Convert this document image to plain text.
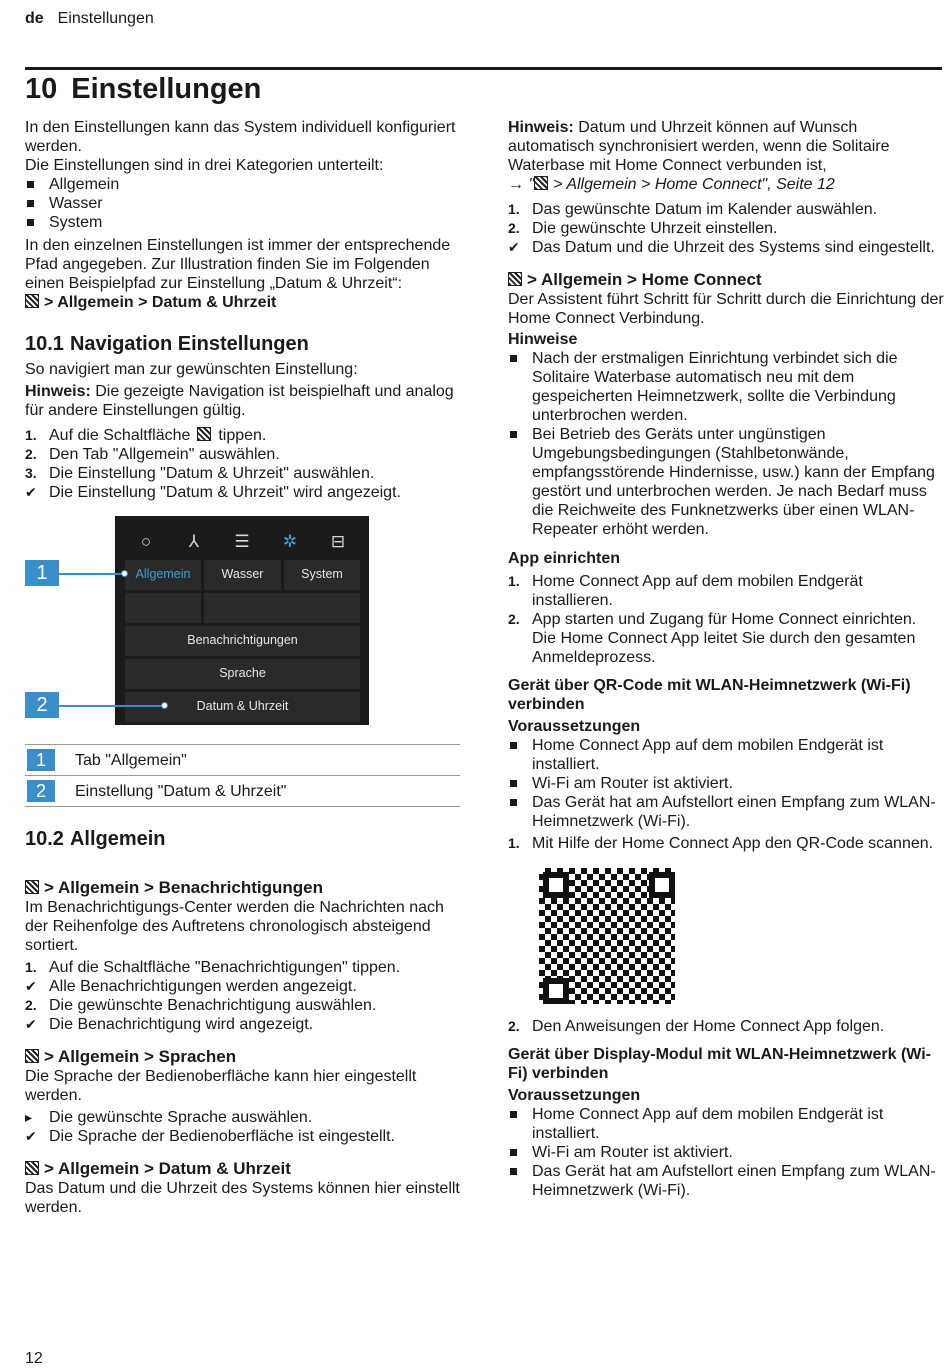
de Einstellungen
10 Einstellungen

In den Einstellungen kann das System individuell konfiguriert werden.

Die Einstellungen sind in drei Kategorien unterteilt:

Allgemein
Wasser
System

In den einzelnen Einstellungen ist immer der entsprechende Pfad angegeben. Zur Illustration finden Sie im Folgenden einen Beispielpfad zur Einstellung „Datum & Uhrzeit“:

> Allgemein > Datum & Uhrzeit

10.1 Navigation Einstellungen

So navigiert man zur gewünschten Einstellung:

Hinweis: Die gezeigte Navigation ist beispielhaft und analog für andere Einstellungen gültig.

1. Auf die Schaltfläche  tippen.
2. Den Tab "Allgemein" auswählen.
3. Die Einstellung "Datum & Uhrzeit" auswählen.
✔ Die Einstellung "Datum & Uhrzeit" wird angezeigt.
○	⅄	☰	✲	⊟
Allgemein	Wasser	System
Benachrichtigungen
Sprache
Datum & Uhrzeit
1
2
1	Tab "Allgemein"
2	Einstellung "Datum & Uhrzeit"
10.2 Allgemein

> Allgemein > Benachrichtigungen

Im Benachrichtigungs-Center werden die Nachrichten nach der Reihenfolge des Auftretens chronologisch absteigend sortiert.

1. Auf die Schaltfläche "Benachrichtigungen" tippen.
✔ Alle Benachrichtigungen werden angezeigt.
2. Die gewünschte Benachrichtigung auswählen.
✔ Die Benachrichtigung wird angezeigt.

> Allgemein > Sprachen

Die Sprache der Bedienoberfläche kann hier eingestellt werden.

▸ Die gewünschte Sprache auswählen.
✔ Die Sprache der Bedienoberfläche ist eingestellt.

> Allgemein > Datum & Uhrzeit

Das Datum und die Uhrzeit des Systems können hier einstellt werden.

Hinweis: Datum und Uhrzeit können auf Wunsch automatisch synchronisiert werden, wenn die Solitaire Waterbase mit Home Connect verbunden ist,

→ " > Allgemein > Home Connect", Seite 12

1. Das gewünschte Datum im Kalender auswählen.
2. Die gewünschte Uhrzeit einstellen.
✔ Das Datum und die Uhrzeit des Systems sind eingestellt.

> Allgemein > Home Connect

Der Assistent führt Schritt für Schritt durch die Einrichtung der Home Connect Verbindung.

Hinweise

Nach der erstmaligen Einrichtung verbindet sich die Solitaire Waterbase automatisch neu mit dem gespeicherten Heimnetzwerk, sollte die Verbindung unterbrochen werden.
Bei Betrieb des Geräts unter ungünstigen Umgebungsbedingungen (Stahlbetonwände, empfangsstörende Hindernisse, usw.) kann der Empfang gestört und unterbrochen werden. Je nach Bedarf muss die Reichweite des Funknetzwerks über einen WLAN-Repeater erhöht werden.

App einrichten

1. Home Connect App auf dem mobilen Endgerät installieren.
2. App starten und Zugang für Home Connect einrichten.
Die Home Connect App leitet Sie durch den gesamten Anmeldeprozess.

Gerät über QR-Code mit WLAN-Heimnetzwerk (Wi-Fi) verbinden

Voraussetzungen

Home Connect App auf dem mobilen Endgerät ist installiert.
Wi-Fi am Router ist aktiviert.
Das Gerät hat am Aufstellort einen Empfang zum WLAN-Heimnetzwerk (Wi-Fi).
1. Mit Hilfe der Home Connect App den QR-Code scannen.
2. Den Anweisungen der Home Connect App folgen.

Gerät über Display-Modul mit WLAN-Heimnetzwerk (Wi-Fi) verbinden

Voraussetzungen

Home Connect App auf dem mobilen Endgerät ist installiert.
Wi-Fi am Router ist aktiviert.
Das Gerät hat am Aufstellort einen Empfang zum WLAN-Heimnetzwerk (Wi-Fi).
12
